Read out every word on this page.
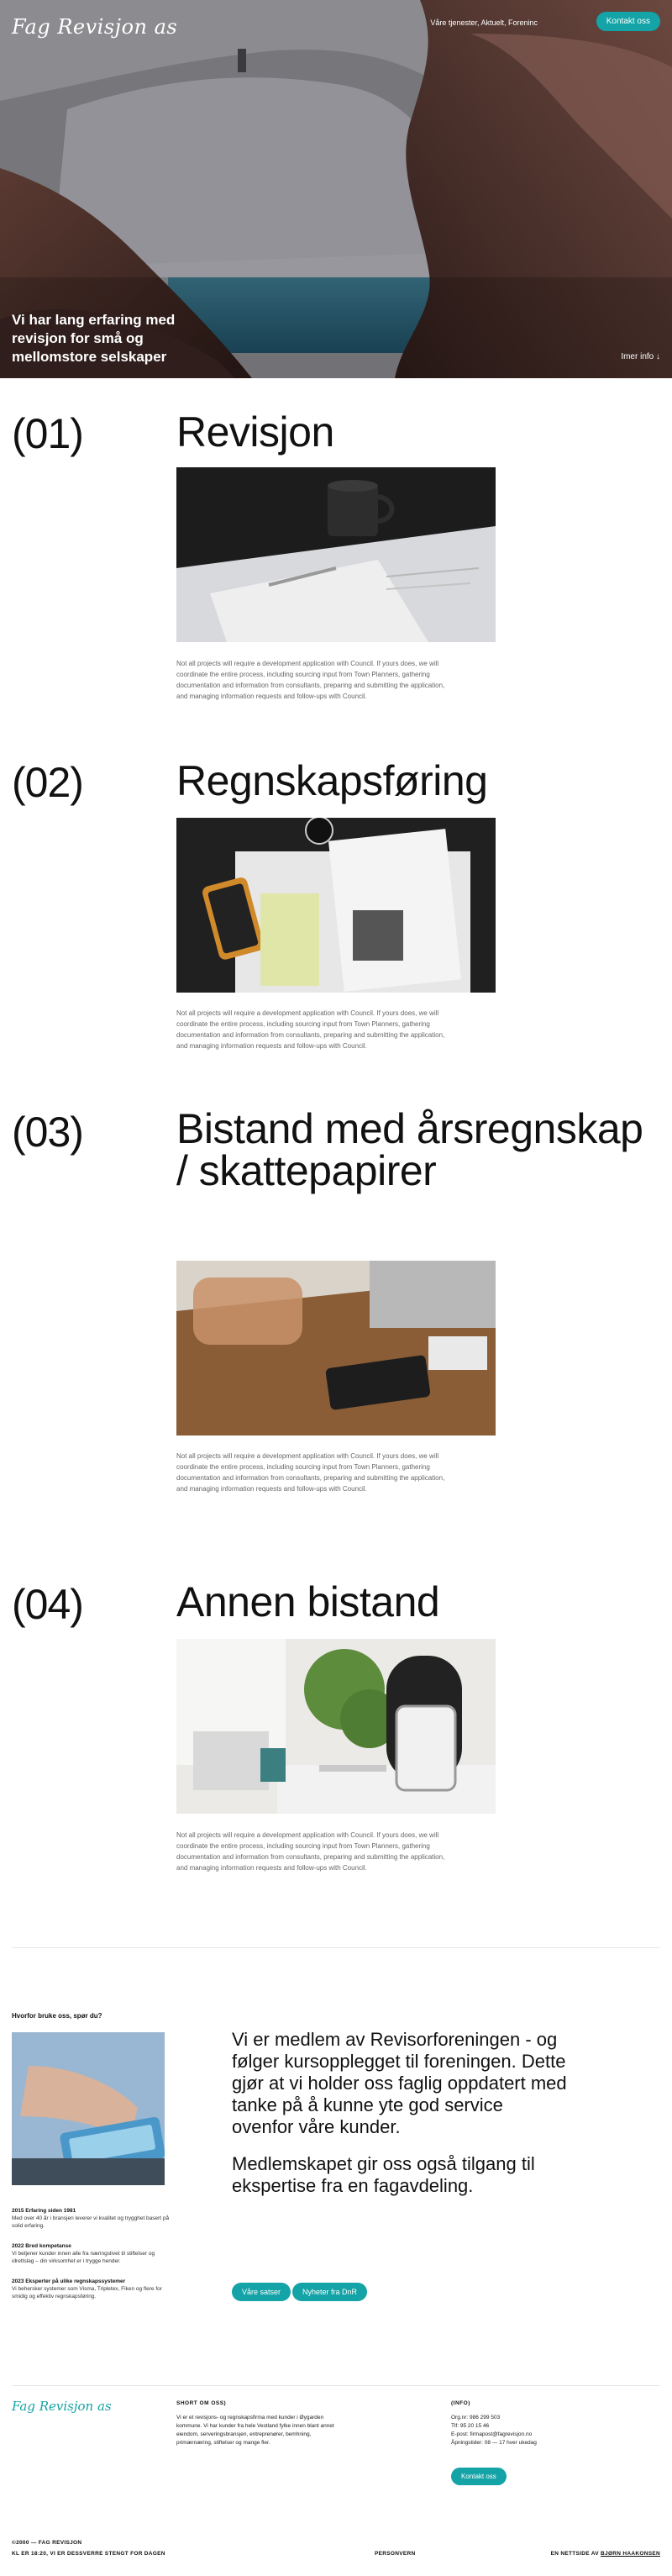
Fag Revisjon as	Våre tjenester, Aktuelt, Foreninc	Kontakt oss
Vi har lang erfaring med revisjon for små og mellomstore selskaper	Imer info ↓
(01) Revisjon
Not all projects will require a development application with Council. If yours does, we will coordinate the entire process, including sourcing input from Town Planners, gathering documentation and information from consultants, preparing and submitting the application, and managing information requests and follow-ups with Council.
(02) Regnskapsføring
Not all projects will require a development application with Council. If yours does, we will coordinate the entire process, including sourcing input from Town Planners, gathering documentation and information from consultants, preparing and submitting the application, and managing information requests and follow-ups with Council.
(03) Bistand med årsregnskap / skattepapirer
Not all projects will require a development application with Council. If yours does, we will coordinate the entire process, including sourcing input from Town Planners, gathering documentation and information from consultants, preparing and submitting the application, and managing information requests and follow-ups with Council.
(04) Annen bistand
Not all projects will require a development application with Council. If yours does, we will coordinate the entire process, including sourcing input from Town Planners, gathering documentation and information from consultants, preparing and submitting the application, and managing information requests and follow-ups with Council.
Hvorfor bruke oss, spør du?
2015 Erfaring siden 1981
Med over 40 år i bransjen leverer vi kvalitet og trygghet basert på solid erfaring.
2022 Bred kompetanse
Vi betjener kunder innen alle fra næringslivet til stiftelser og idrettslag – din virksomhet er i trygge hender.
2023 Eksperter på ulike regnskapssystemer
Vi behersker systemer som Visma, Tripletex, Fiken og flere for smidig og effektiv regnskapsføring.

Vi er medlem av Revisorforeningen - og følger kursopplegget til foreningen. Dette gjør at vi holder oss faglig oppdatert med tanke på å kunne yte god service ovenfor våre kunder.

Medlemskapet gir oss også tilgang til ekspertise fra en fagavdeling.

Våre satser	Nyheter fra DnR
Fag Revisjon as	SHORT OM OSS)
Vi er et revisjons- og regnskapsfirma med kunder i Øygarden kommune. Vi har kunder fra hele Vestland fylke innen blant annet eiendom, serveringsbransjen, entreprenører, bemhning, primærnæring, stiftelser og mange fler.
(INFO)
Org.nr: 986 299 503
Tlf: 95 20 15 46
E-post: firmapost@fagrevisjon.no
Åpningstider: 08 — 17 hver ukedag
Kontakt oss
©2000 — FAG REVISJON
KL ER 18:20, VI ER DESSVERRE STENGT FOR DAGEN	PERSONVERN	EN NETTSIDE AV BJØRN HAAKONSEN
